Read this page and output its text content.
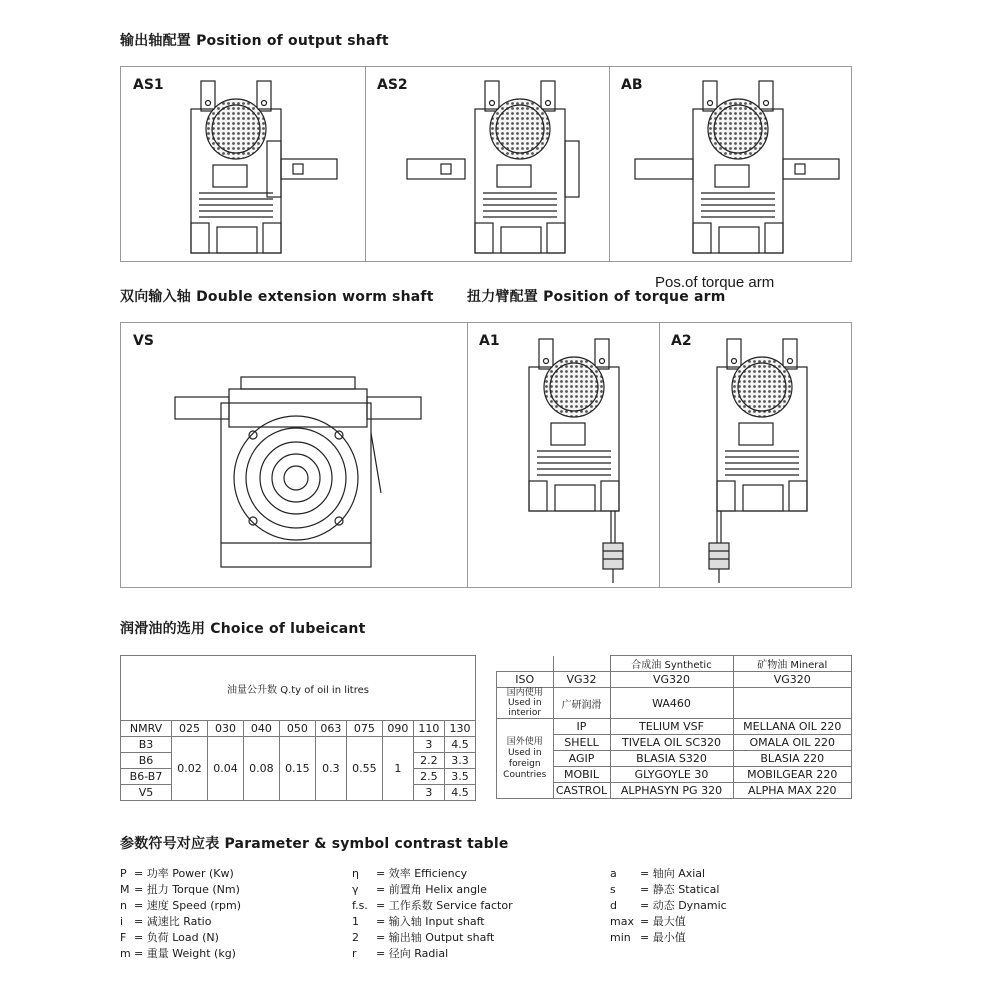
输出轴配置 Position of output shaft
AS1	AS2	AB
双向输入轴 Double extension worm shaft 扭力臂配置 Position of torque arm
Pos.of torque arm
VS	A1	A2
润滑油的选用 Choice of lubeicant
油量公升数 Q.ty of oil in litres									
NMRV	025	030	040	050	063	075	090	110	130
B3	0.02	0.04	0.08	0.15	0.3	0.55	1	3	4.5
B6								2.2	3.3
B6-B7								2.5	3.5
V5								3	4.5
		合成油 Synthetic	矿物油 Mineral
ISO	VG32	VG320	VG320
国内使用 Used in interior	广研润滑	WA460	
国外使用 Used in foreign Countries	IP	TELIUM VSF	MELLANA OIL 220
	SHELL	TIVELA OIL SC320	OMALA OIL 220
	AGIP	BLASIA S320	BLASIA 220
	MOBIL	GLYGOYLE 30	MOBILGEAR 220
	CASTROL	ALPHASYN PG 320	ALPHA MAX 220
参数符号对应表 Parameter & symbol contrast table
P = 功率 Power (Kw)
M = 扭力 Torque (Nm)
n = 速度 Speed (rpm)
i = 减速比 Ratio
F = 负荷 Load (N)
m = 重量 Weight (kg)
η = 效率 Efficiency
γ = 前置角 Helix angle
f.s. = 工作系数 Service factor
1 = 输入轴 Input shaft
2 = 输出轴 Output shaft
r = 径向 Radial
a = 轴向 Axial
s = 静态 Statical
d = 动态 Dynamic
max = 最大值
min = 最小值
